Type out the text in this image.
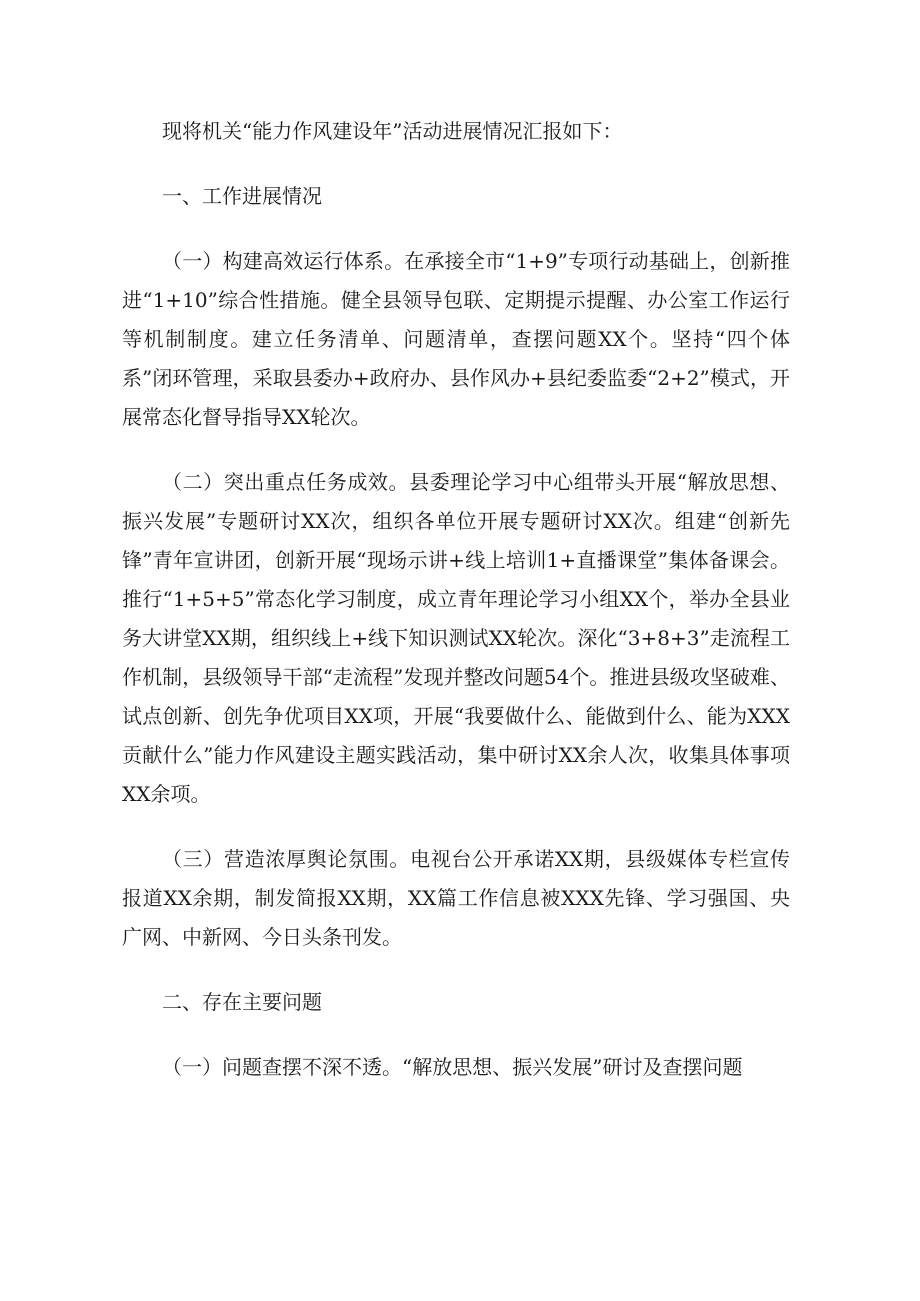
现将机关“能力作风建设年”活动进展情况汇报如下：

一、工作进展情况

（一）构建高效运行体系。在承接全市“1+9”专项行动基础上，创新推进“1+10”综合性措施。健全县领导包联、定期提示提醒、办公室工作运行等机制制度。建立任务清单、问题清单，查摆问题XX个。坚持“四个体系”闭环管理，采取县委办+政府办、县作风办+县纪委监委“2+2”模式，开展常态化督导指导XX轮次。

（二）突出重点任务成效。县委理论学习中心组带头开展“解放思想、振兴发展”专题研讨XX次，组织各单位开展专题研讨XX次。组建“创新先锋”青年宣讲团，创新开展“现场示讲+线上培训1+直播课堂”集体备课会。推行“1+5+5”常态化学习制度，成立青年理论学习小组XX个，举办全县业务大讲堂XX期，组织线上+线下知识测试XX轮次。深化“3+8+3”走流程工作机制，县级领导干部“走流程”发现并整改问题54个。推进县级攻坚破难、试点创新、创先争优项目XX项，开展“我要做什么、能做到什么、能为XXX贡献什么”能力作风建设主题实践活动，集中研讨XX余人次，收集具体事项XX余项。

（三）营造浓厚舆论氛围。电视台公开承诺XX期，县级媒体专栏宣传报道XX余期，制发简报XX期，XX篇工作信息被XXX先锋、学习强国、央广网、中新网、今日头条刊发。

二、存在主要问题

（一）问题查摆不深不透。“解放思想、振兴发展”研讨及查摆问题
